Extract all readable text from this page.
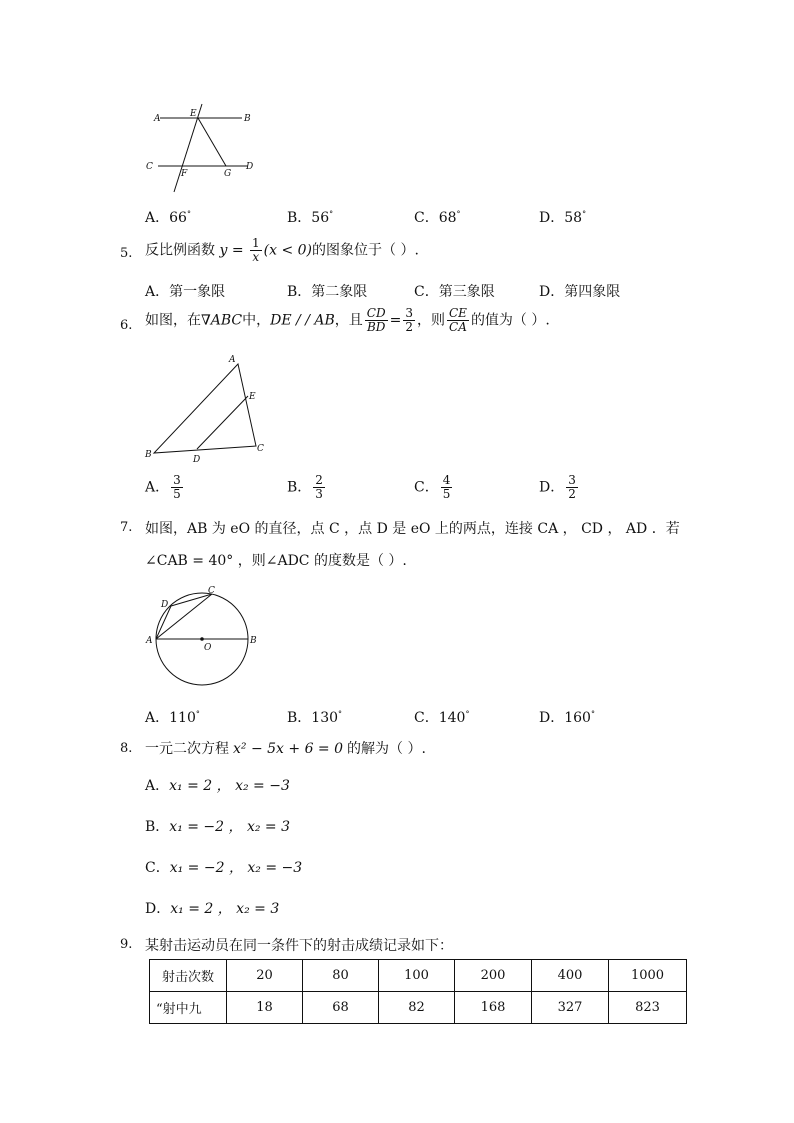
A	E	B
C
F	G
D
A．66°	B．56°	C．68°	D．58°
5. 反比例函数 $y = \frac{1}{x} (x < 0)$的图象位于（ ）.
A．第一象限	B．第二象限	C．第三象限	D．第四象限
6. 如图，在∇ABC中，DE / / AB，且 $\frac{CD}{BD} = \frac{3}{2}$ ，则 $\frac{CE}{CA}$ 的值为（ ）.
A
E
B	D
C
A． $\frac{3}{5}$	B． $\frac{2}{3}$	C． $\frac{4}{5}$	D． $\frac{3}{2}$
7. 如图，AB 为 eO 的直径，点 C ，点 D 是 eO 上的两点，连接 CA ， CD ， AD ．若
∠CAB = 40° ，则∠ADC 的度数是（ ）.
D
C
A
O
B
A．110°	B．130°	C．140°	D．160°
8. 一元二次方程 x² − 5x + 6 = 0 的解为（ ）.
A．x₁ = 2 ， x₂ = −3
B．x₁ = −2 ， x₂ = 3
C．x₁ = −2 ， x₂ = −3
D．x₁ = 2 ， x₂ = 3
9. 某射击运动员在同一条件下的射击成绩记录如下：
射击次数	20	80	100	200	400	1000
“射中九	18	68	82	168	327	823
